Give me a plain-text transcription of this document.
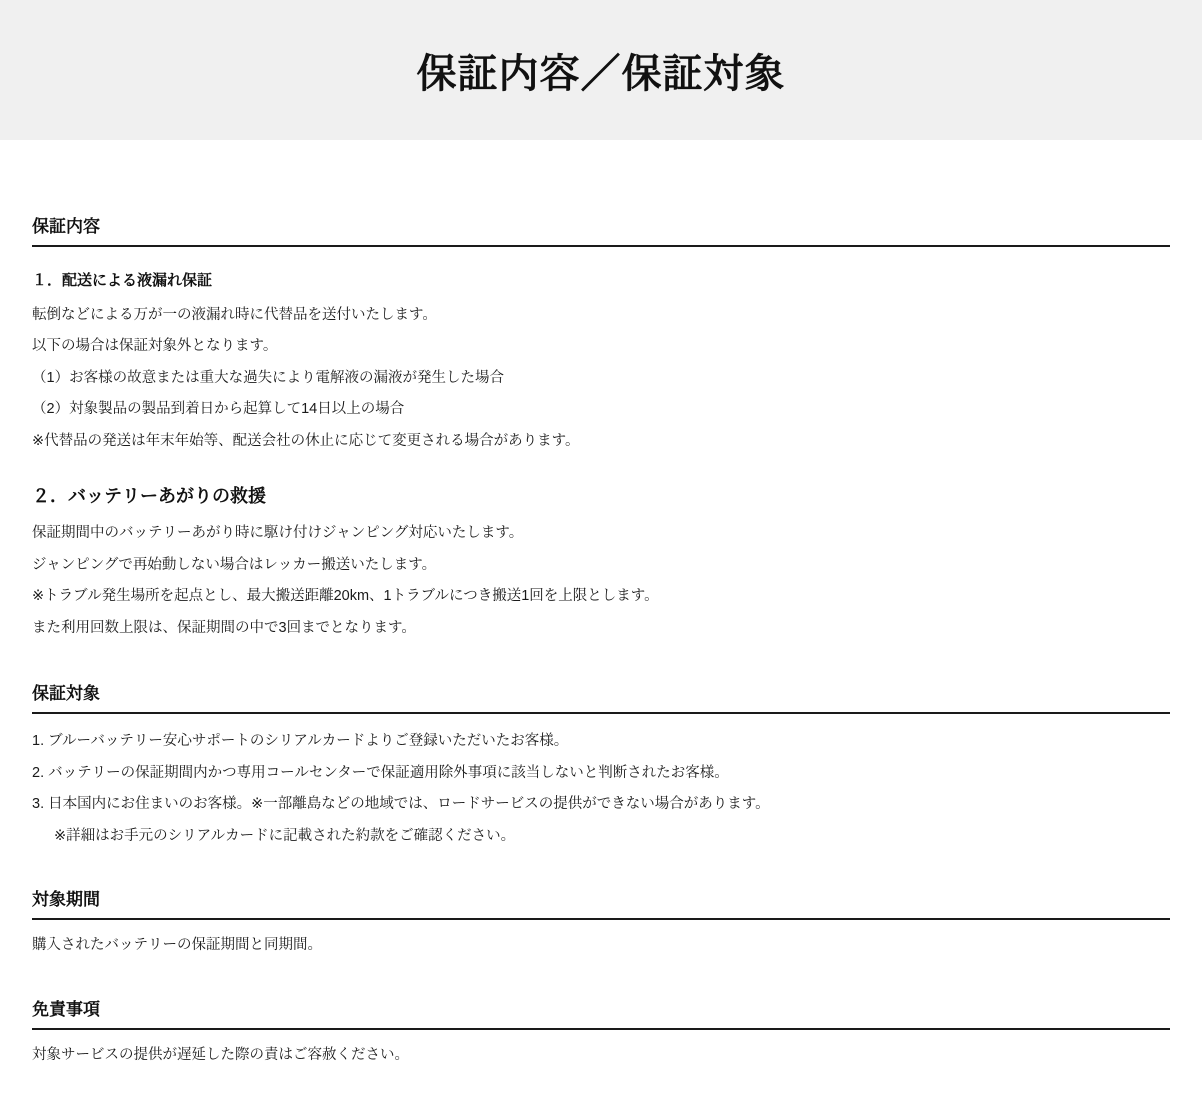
保証内容／保証対象
保証内容
１．配送による液漏れ保証

転倒などによる万が一の液漏れ時に代替品を送付いたします。

以下の場合は保証対象外となります。

（1）お客様の故意または重大な過失により電解液の漏液が発生した場合

（2）対象製品の製品到着日から起算して14日以上の場合

※代替品の発送は年末年始等、配送会社の休止に応じて変更される場合があります。

２．バッテリーあがりの救援

保証期間中のバッテリーあがり時に駆け付けジャンピング対応いたします。

ジャンピングで再始動しない場合はレッカー搬送いたします。

※トラブル発生場所を起点とし、最大搬送距離20km、1トラブルにつき搬送1回を上限とします。

また利用回数上限は、保証期間の中で3回までとなります。

保証対象

1. ブルーバッテリー安心サポートのシリアルカードよりご登録いただいたお客様。

2. バッテリーの保証期間内かつ専用コールセンターで保証適用除外事項に該当しないと判断されたお客様。

3. 日本国内にお住まいのお客様。※一部離島などの地域では、ロードサービスの提供ができない場合があります。

※詳細はお手元のシリアルカードに記載された約款をご確認ください。

対象期間

購入されたバッテリーの保証期間と同期間。

免責事項

対象サービスの提供が遅延した際の責はご容赦ください。
